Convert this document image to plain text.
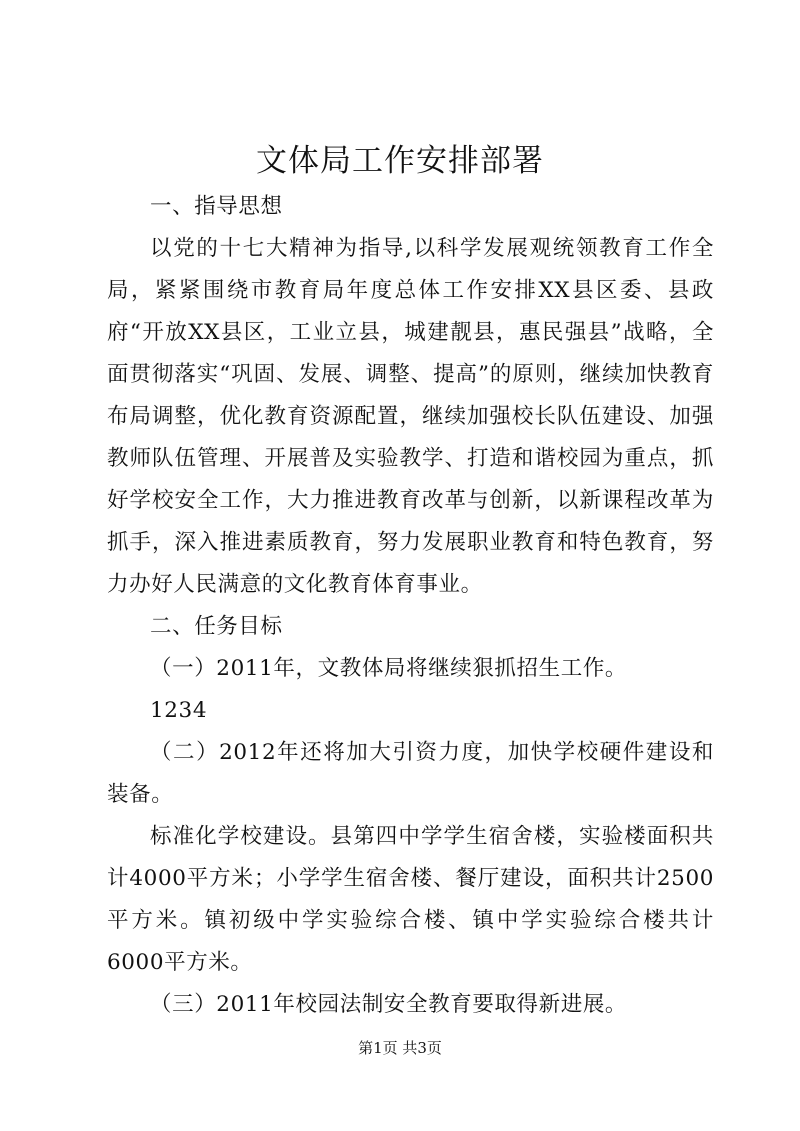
文体局工作安排部署

一、指导思想

以党的十七大精神为指导,以科学发展观统领教育工作全局，紧紧围绕市教育局年度总体工作安排XX县区委、县政府“开放XX县区，工业立县，城建靓县，惠民强县”战略，全面贯彻落实“巩固、发展、调整、提高”的原则，继续加快教育布局调整，优化教育资源配置，继续加强校长队伍建设、加强教师队伍管理、开展普及实验教学、打造和谐校园为重点，抓好学校安全工作，大力推进教育改革与创新，以新课程改革为抓手，深入推进素质教育，努力发展职业教育和特色教育，努力办好人民满意的文化教育体育事业。

二、任务目标

（一）2011年，文教体局将继续狠抓招生工作。

1234

（二）2012年还将加大引资力度，加快学校硬件建设和装备。

标准化学校建设。县第四中学学生宿舍楼，实验楼面积共计4000平方米；小学学生宿舍楼、餐厅建设，面积共计2500平方米。镇初级中学实验综合楼、镇中学实验综合楼共计6000平方米。

（三）2011年校园法制安全教育要取得新进展。

第1页 共3页
